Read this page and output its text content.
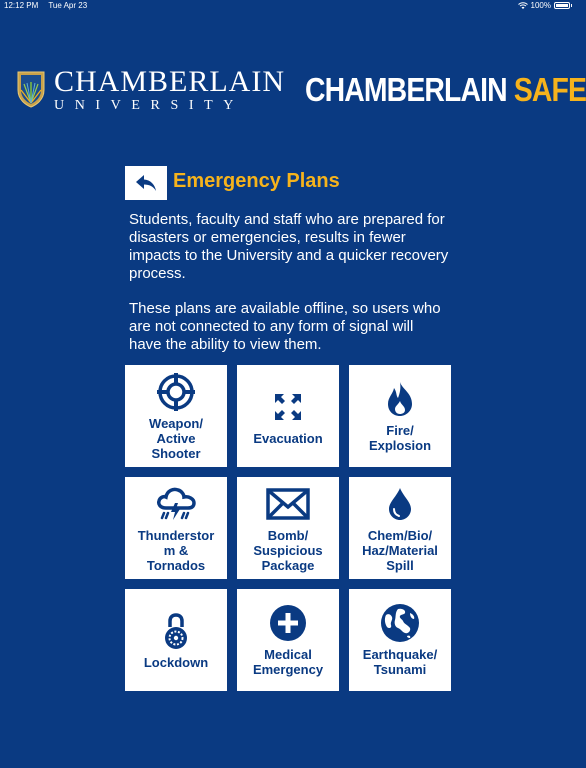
12:12 PM Tue Apr 23	100%
CHAMBERLAIN
UNIVERSITY	CHAMBERLAIN SAFE
Emergency Plans

Students, faculty and staff who are prepared for disasters or emergencies, results in fewer impacts to the University and a quicker recovery process.

These plans are available offline, so users who are not connected to any form of signal will have the ability to view them.

Weapon/
Active
Shooter
Evacuation	Fire/
Explosion
Thunderstor
m &
Tornados
Bomb/
Suspicious
Package
Chem/Bio/
Haz/Material
Spill
Lockdown	Medical
Emergency
Earthquake/
Tsunami
